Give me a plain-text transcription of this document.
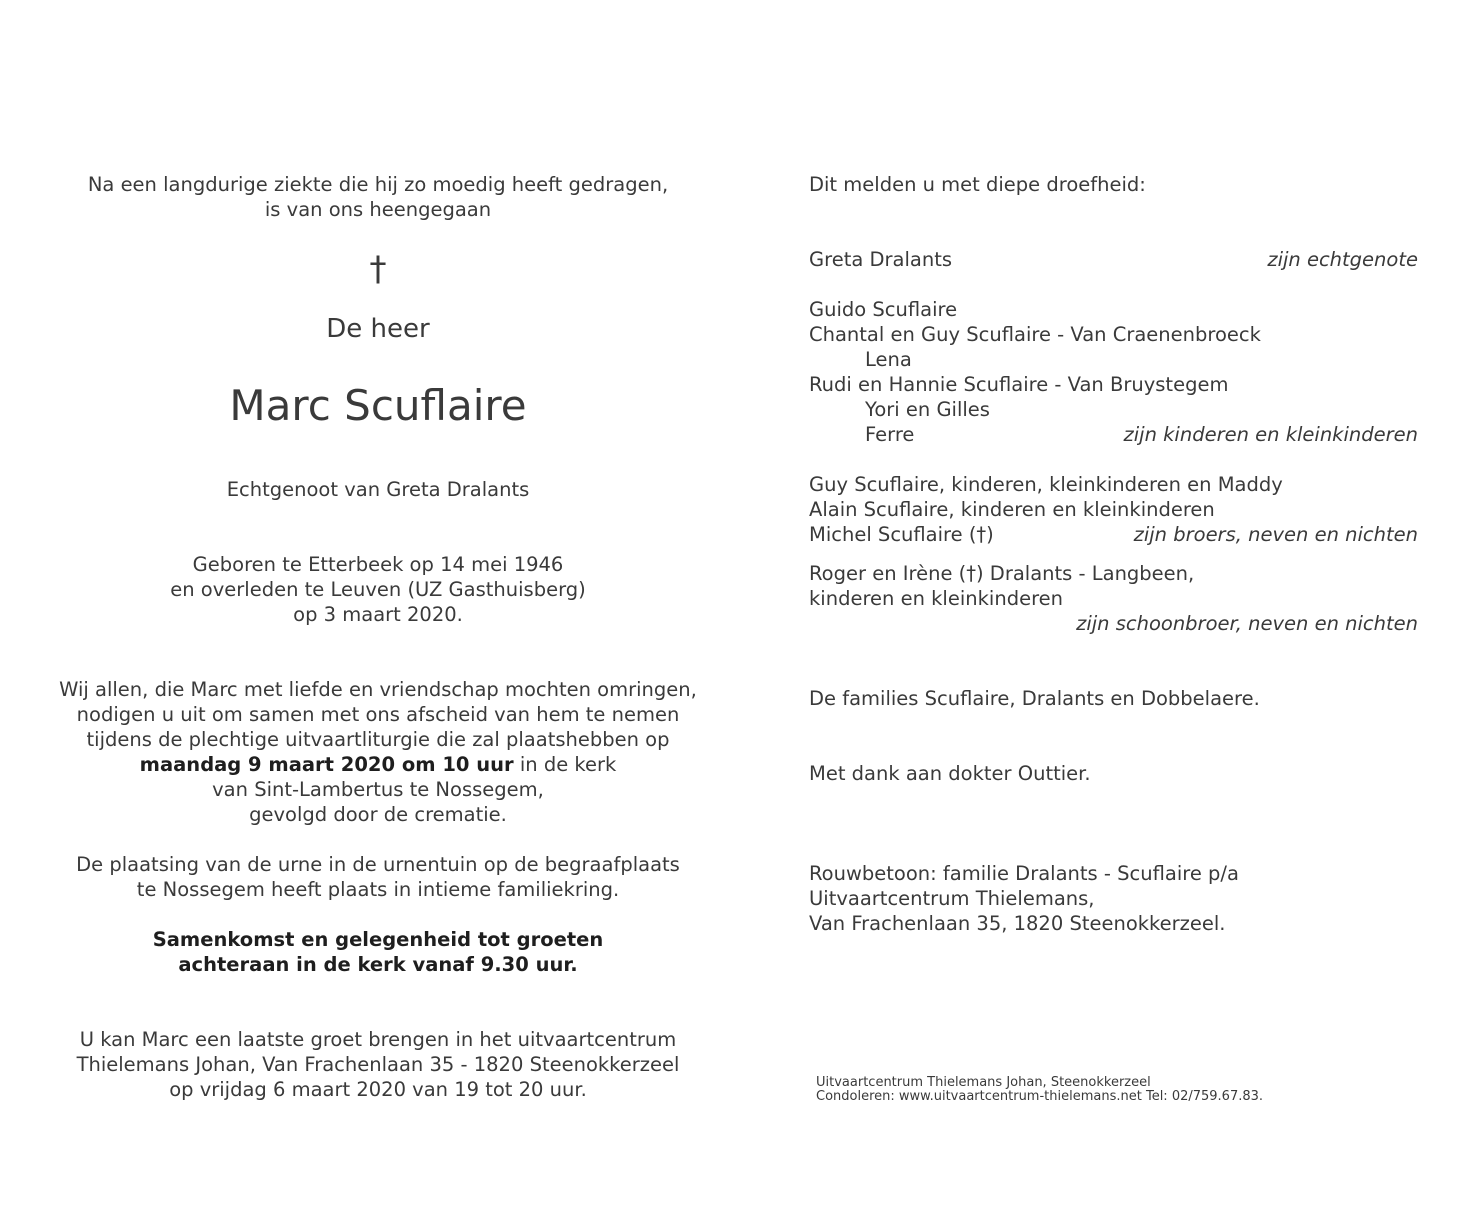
Na een langdurige ziekte die hij zo moedig heeft gedragen,
is van ons heengegaan
†
De heer
Marc Scuflaire
Echtgenoot van Greta Dralants
Geboren te Etterbeek op 14 mei 1946
en overleden te Leuven (UZ Gasthuisberg)
op 3 maart 2020.
Wij allen, die Marc met liefde en vriendschap mochten omringen,
nodigen u uit om samen met ons afscheid van hem te nemen
tijdens de plechtige uitvaartliturgie die zal plaatshebben op
maandag 9 maart 2020 om 10 uur in de kerk
van Sint-Lambertus te Nossegem,
gevolgd door de crematie.
De plaatsing van de urne in de urnentuin op de begraafplaats
te Nossegem heeft plaats in intieme familiekring.
Samenkomst en gelegenheid tot groeten
achteraan in de kerk vanaf 9.30 uur.
U kan Marc een laatste groet brengen in het uitvaartcentrum
Thielemans Johan, Van Frachenlaan 35 - 1820 Steenokkerzeel
op vrijdag 6 maart 2020 van 19 tot 20 uur.
Dit melden u met diepe droefheid:
Greta Dralants	zijn echtgenote
Guido Scuflaire
Chantal en Guy Scuflaire - Van Craenenbroeck
Lena
Rudi en Hannie Scuflaire - Van Bruystegem
Yori en Gilles
Ferre	zijn kinderen en kleinkinderen
Guy Scuflaire, kinderen, kleinkinderen en Maddy
Alain Scuflaire, kinderen en kleinkinderen
Michel Scuflaire (†)	zijn broers, neven en nichten
Roger en Irène (†) Dralants - Langbeen,
kinderen en kleinkinderen
zijn schoonbroer, neven en nichten
De families Scuflaire, Dralants en Dobbelaere.
Met dank aan dokter Outtier.
Rouwbetoon: familie Dralants - Scuflaire p/a
Uitvaartcentrum Thielemans,
Van Frachenlaan 35, 1820 Steenokkerzeel.
Uitvaartcentrum Thielemans Johan, Steenokkerzeel
Condoleren: www.uitvaartcentrum-thielemans.net Tel: 02/759.67.83.
